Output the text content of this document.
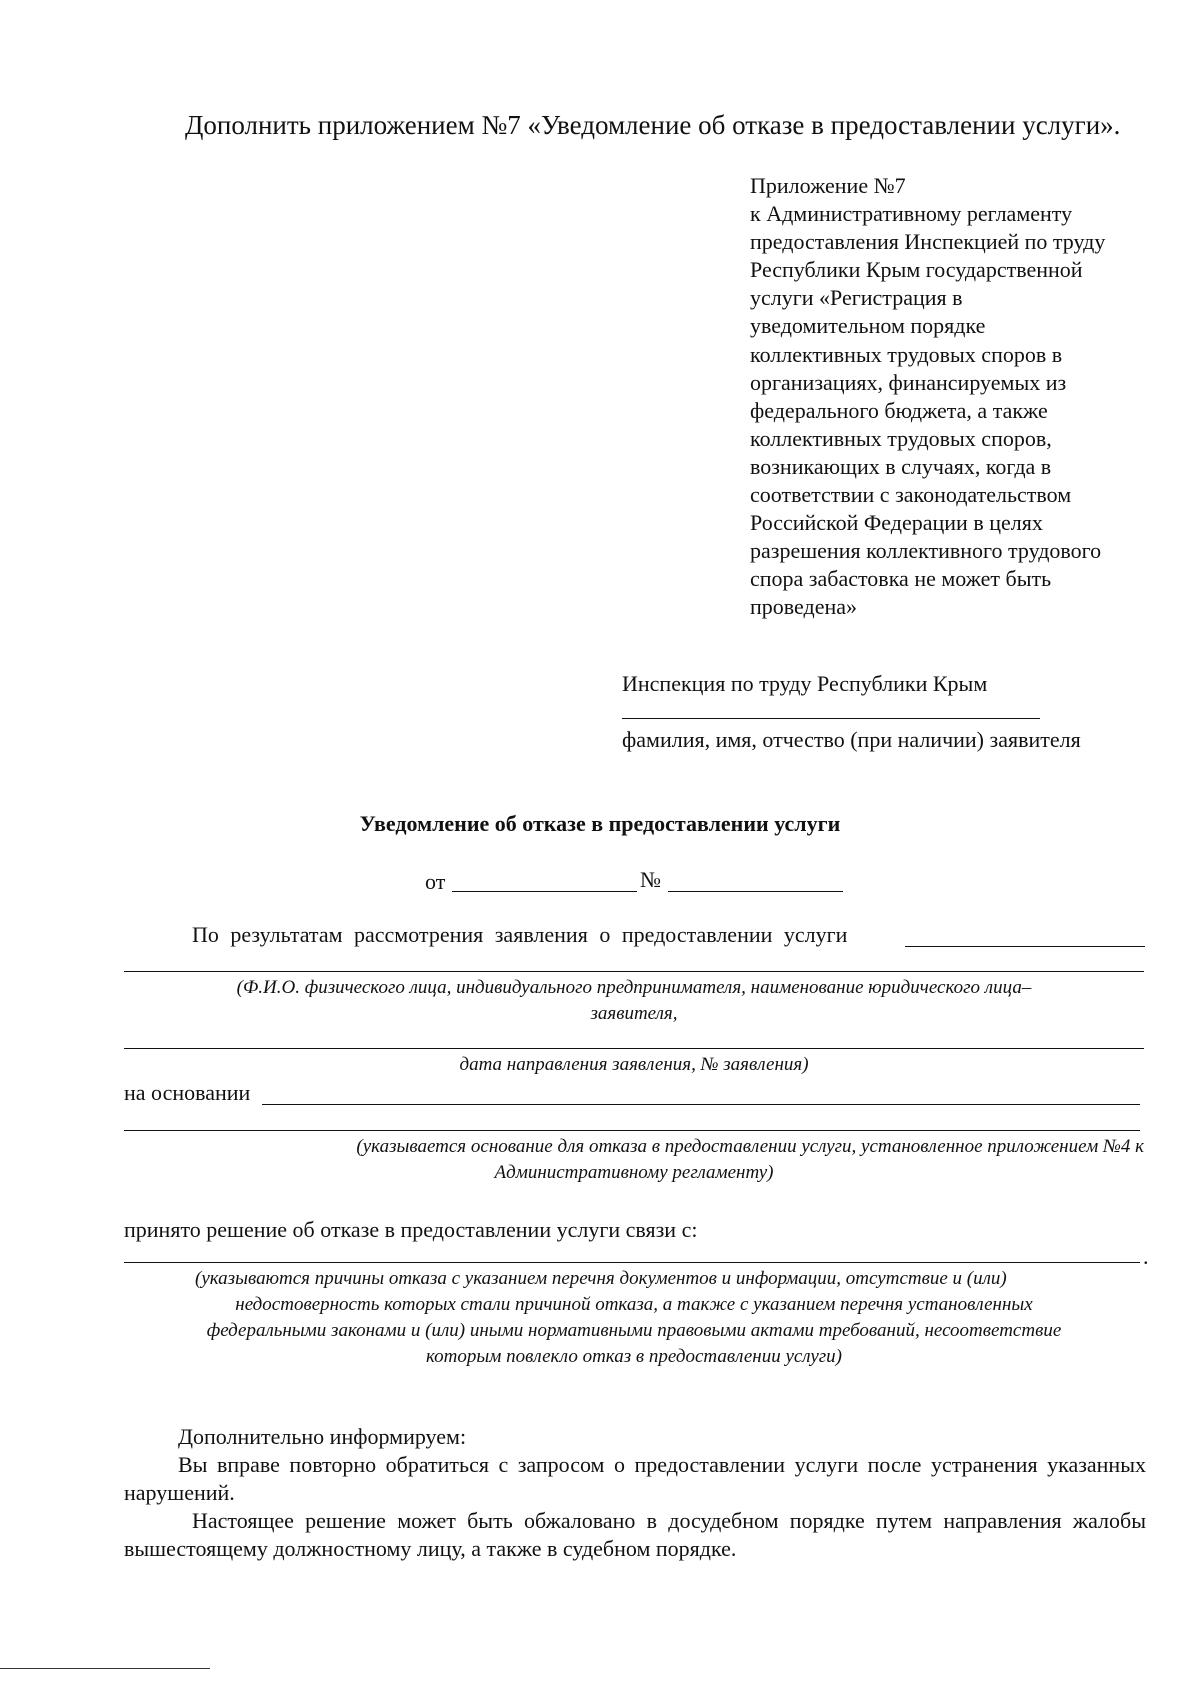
Дополнить приложением №7 «Уведомление об отказе в предоставлении услуги».
Приложение №7
к Административному регламенту
предоставления Инспекцией по труду
Республики Крым государственной
услуги «Регистрация в
уведомительном порядке
коллективных трудовых споров в
организациях, финансируемых из
федерального бюджета, а также
коллективных трудовых споров,
возникающих в случаях, когда в
соответствии с законодательством
Российской Федерации в целях
разрешения коллективного трудового
спора забастовка не может быть
проведена»
Инспекция по труду Республики Крым
фамилия, имя, отчество (при наличии) заявителя
Уведомление об отказе в предоставлении услуги
от	№
По результатам рассмотрения заявления о предоставлении услуги
(Ф.И.О. физического лица, индивидуального предпринимателя, наименование юридического лица–
заявителя,
дата направления заявления, № заявления)
на основании
(указывается основание для отказа в предоставлении услуги, установленное приложением №4 к
Административному регламенту)
принято решение об отказе в предоставлении услуги связи с:
.
(указываются причины отказа с указанием перечня документов и информации, отсутствие и (или)
недостоверность которых стали причиной отказа, а также с указанием перечня установленных
федеральными законами и (или) иными нормативными правовыми актами требований, несоответствие
которым повлекло отказ в предоставлении услуги)
Дополнительно информируем:
Вы вправе повторно обратиться с запросом о предоставлении услуги после устранения указанных нарушений.
Настоящее решение может быть обжаловано в досудебном порядке путем направления жалобы вышестоящему должностному лицу, а также в судебном порядке.
